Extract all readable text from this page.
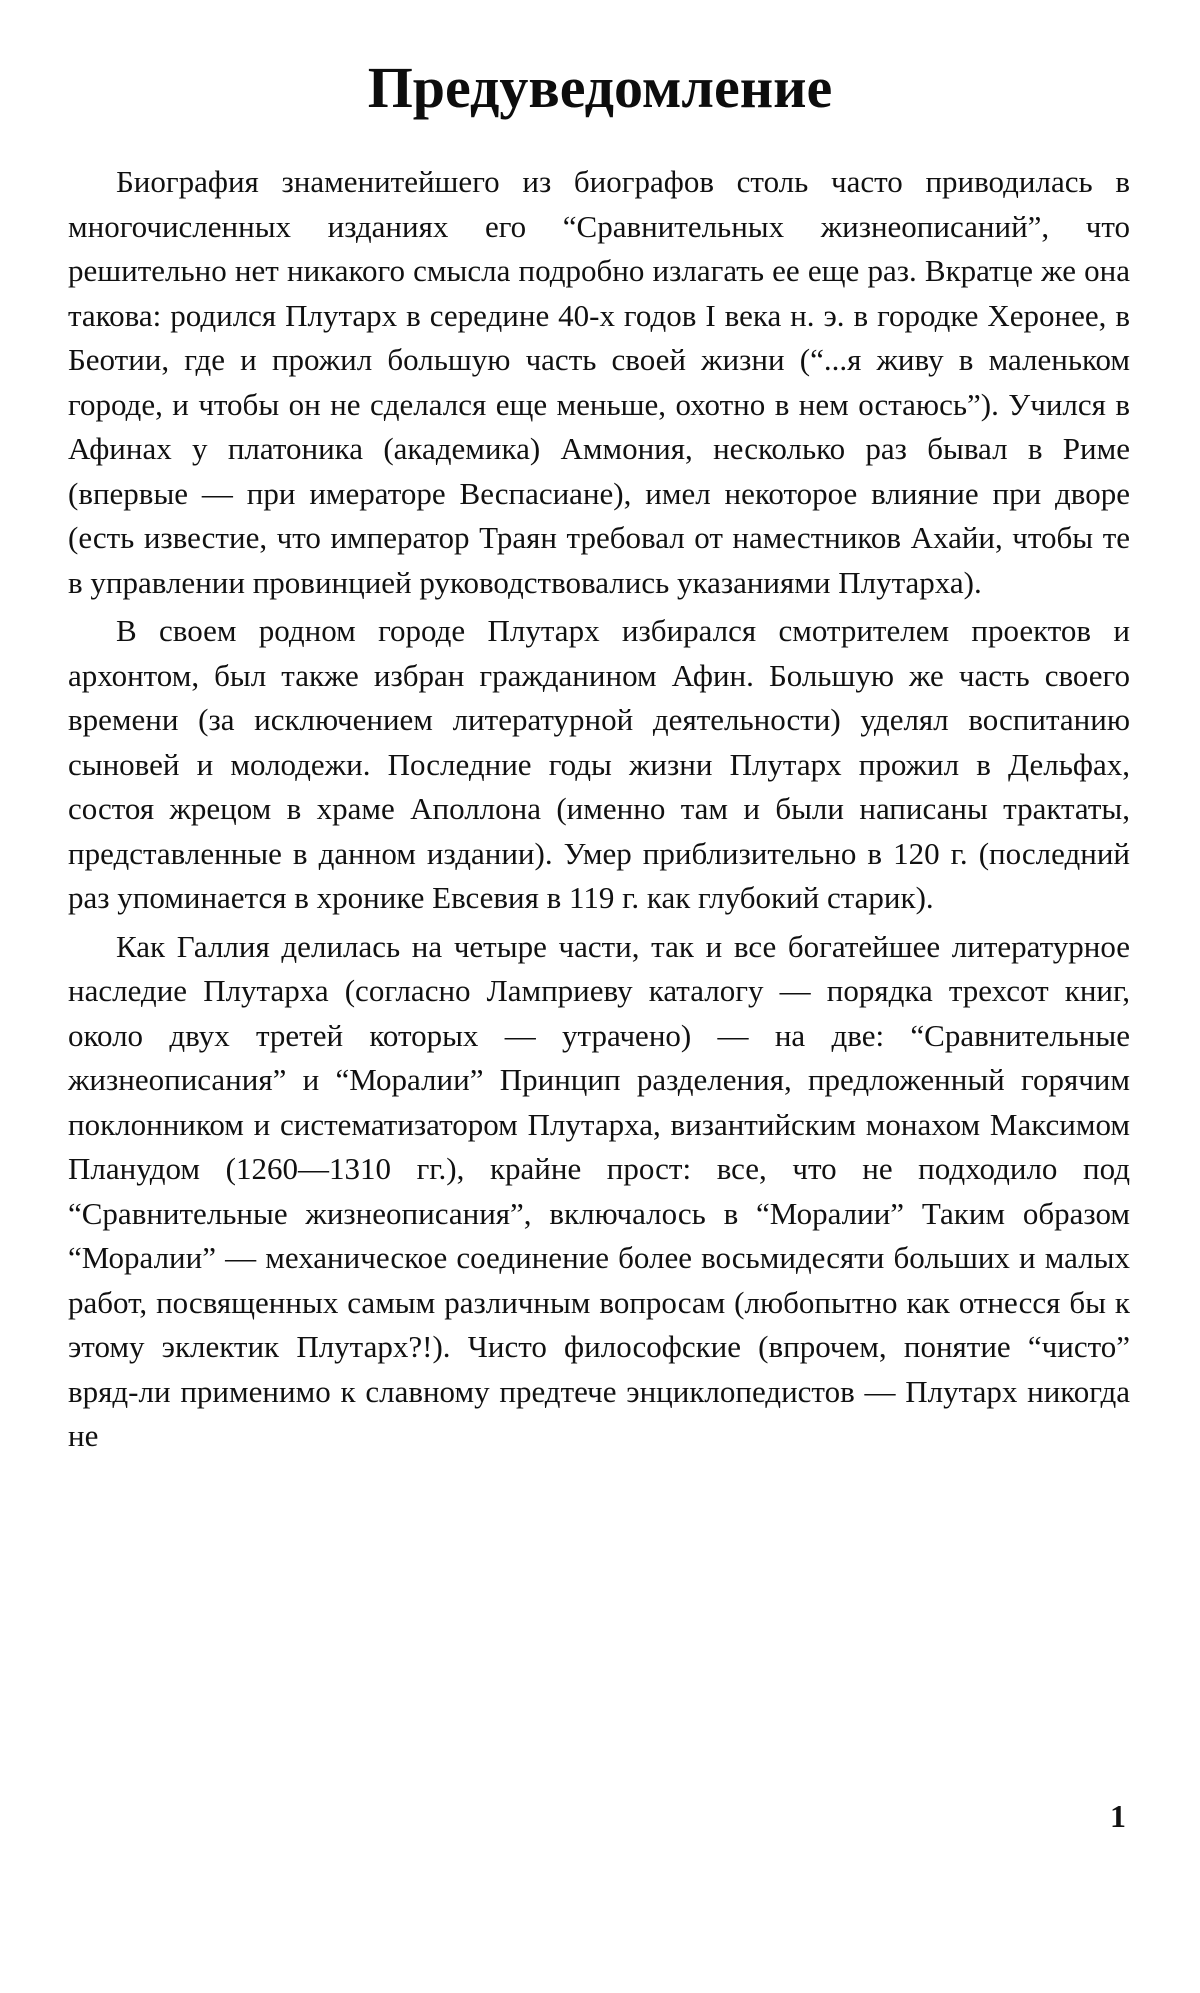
Предуведомление

Биография знаменитейшего из биографов столь часто приводилась в многочисленных изданиях его “Сравнительных жизнеописаний”, что решительно нет никакого смысла подробно излагать ее еще раз. Вкратце же она такова: родился Плутарх в середине 40-х годов I века н. э. в городке Херонее, в Беотии, где и прожил большую часть своей жизни (“...я живу в маленьком городе, и чтобы он не сделался еще меньше, охотно в нем остаюсь”). Учился в Афинах у платоника (академика) Аммония, несколько раз бывал в Риме (впервые — при имераторе Веспасиане), имел некоторое влияние при дворе (есть известие, что император Траян требовал от наместников Ахайи, чтобы те в управлении провинцией руководствовались указаниями Плутарха).

В своем родном городе Плутарх избирался смотрителем проектов и архонтом, был также избран гражданином Афин. Большую же часть своего времени (за исключением литературной деятельности) уделял воспитанию сыновей и молодежи. Последние годы жизни Плутарх прожил в Дельфах, состоя жрецом в храме Аполлона (именно там и были написаны трактаты, представленные в данном издании). Умер приблизительно в 120 г. (последний раз упоминается в хронике Евсевия в 119 г. как глубокий старик).

Как Галлия делилась на четыре части, так и все богатейшее литературное наследие Плутарха (согласно Ламприеву каталогу — порядка трехсот книг, около двух третей которых — утрачено) — на две: “Сравнительные жизнеописания” и “Моралии” Принцип разделения, предложенный горячим поклонником и систематизатором Плутарха, византийским монахом Максимом Планудом (1260—1310 гг.), крайне прост: все, что не подходило под “Сравнительные жизнеописания”, включалось в “Моралии” Таким образом “Моралии” — механическое соединение более восьмидесяти больших и малых работ, посвященных самым различным вопросам (любопытно как отнесся бы к этому эклектик Плутарх?!). Чисто философские (впрочем, понятие “чисто” вряд-ли применимо к славному предтече энциклопедистов — Плутарх никогда не

1
